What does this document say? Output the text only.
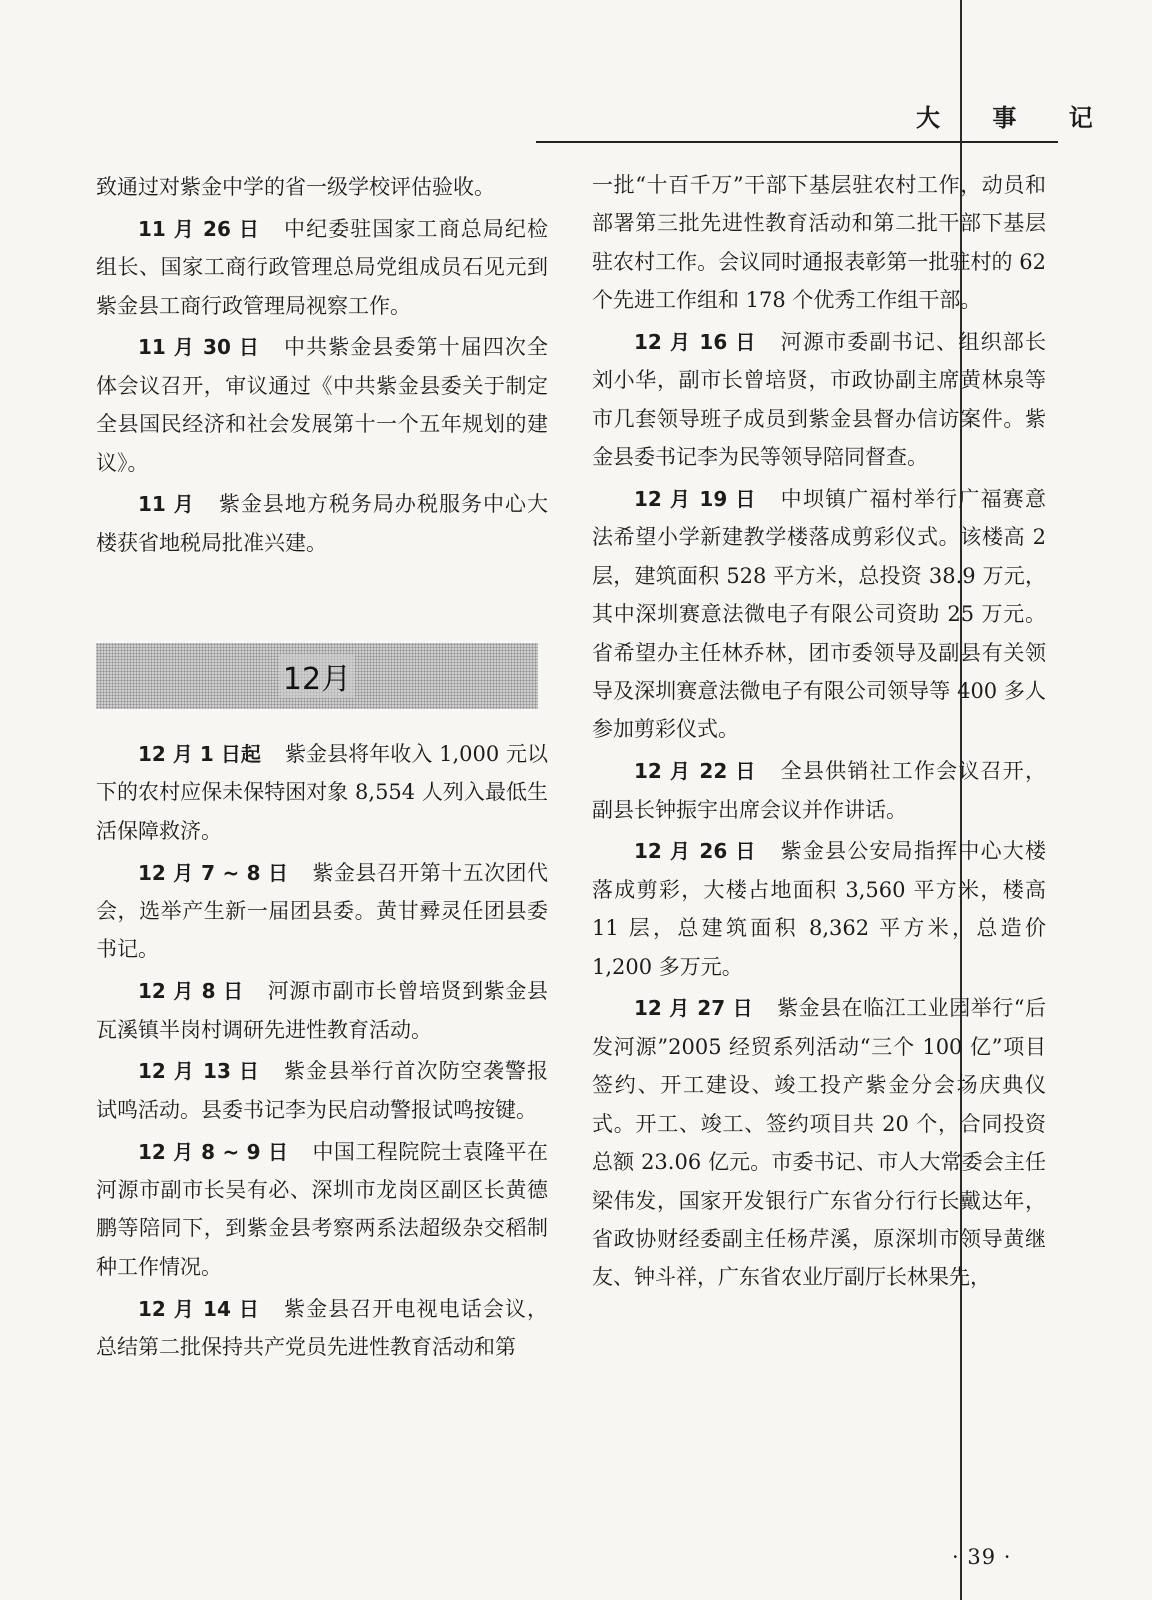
大 事 记

致通过对紫金中学的省一级学校评估验收。

11 月 26 日 中纪委驻国家工商总局纪检组长、国家工商行政管理总局党组成员石见元到紫金县工商行政管理局视察工作。

11 月 30 日 中共紫金县委第十届四次全体会议召开，审议通过《中共紫金县委关于制定全县国民经济和社会发展第十一个五年规划的建议》。

11 月 紫金县地方税务局办税服务中心大楼获省地税局批准兴建。

12月

12 月 1 日起 紫金县将年收入 1,000 元以下的农村应保未保特困对象 8,554 人列入最低生活保障救济。

12 月 7 ~ 8 日 紫金县召开第十五次团代会，选举产生新一届团县委。黄甘彛灵任团县委书记。

12 月 8 日 河源市副市长曾培贤到紫金县瓦溪镇半岗村调研先进性教育活动。

12 月 13 日 紫金县举行首次防空袭警报试鸣活动。县委书记李为民启动警报试鸣按键。

12 月 8 ~ 9 日 中国工程院院士袁隆平在河源市副市长吴有必、深圳市龙岗区副区长黄德鹏等陪同下，到紫金县考察两系法超级杂交稻制种工作情况。

12 月 14 日 紫金县召开电视电话会议，总结第二批保持共产党员先进性教育活动和第

一批“十百千万”干部下基层驻农村工作，动员和部署第三批先进性教育活动和第二批干部下基层驻农村工作。会议同时通报表彰第一批驻村的 62 个先进工作组和 178 个优秀工作组干部。

12 月 16 日 河源市委副书记、组织部长刘小华，副市长曾培贤，市政协副主席黄林泉等市几套领导班子成员到紫金县督办信访案件。紫金县委书记李为民等领导陪同督查。

12 月 19 日 中坝镇广福村举行广福赛意法希望小学新建教学楼落成剪彩仪式。该楼高 2 层，建筑面积 528 平方米，总投资 38.9 万元，其中深圳赛意法微电子有限公司资助 25 万元。省希望办主任林乔林，团市委领导及副县有关领导及深圳赛意法微电子有限公司领导等 400 多人参加剪彩仪式。

12 月 22 日 全县供销社工作会议召开，副县长钟振宇出席会议并作讲话。

12 月 26 日 紫金县公安局指挥中心大楼落成剪彩，大楼占地面积 3,560 平方米，楼高 11 层，总建筑面积 8,362 平方米，总造价 1,200 多万元。

12 月 27 日 紫金县在临江工业园举行“后发河源”2005 经贸系列活动“三个 100 亿”项目签约、开工建设、竣工投产紫金分会场庆典仪式。开工、竣工、签约项目共 20 个，合同投资总额 23.06 亿元。市委书记、市人大常委会主任梁伟发，国家开发银行广东省分行行长戴达年，省政协财经委副主任杨芹溪，原深圳市领导黄继友、钟斗祥，广东省农业厅副厅长林果先，

· 39 ·
